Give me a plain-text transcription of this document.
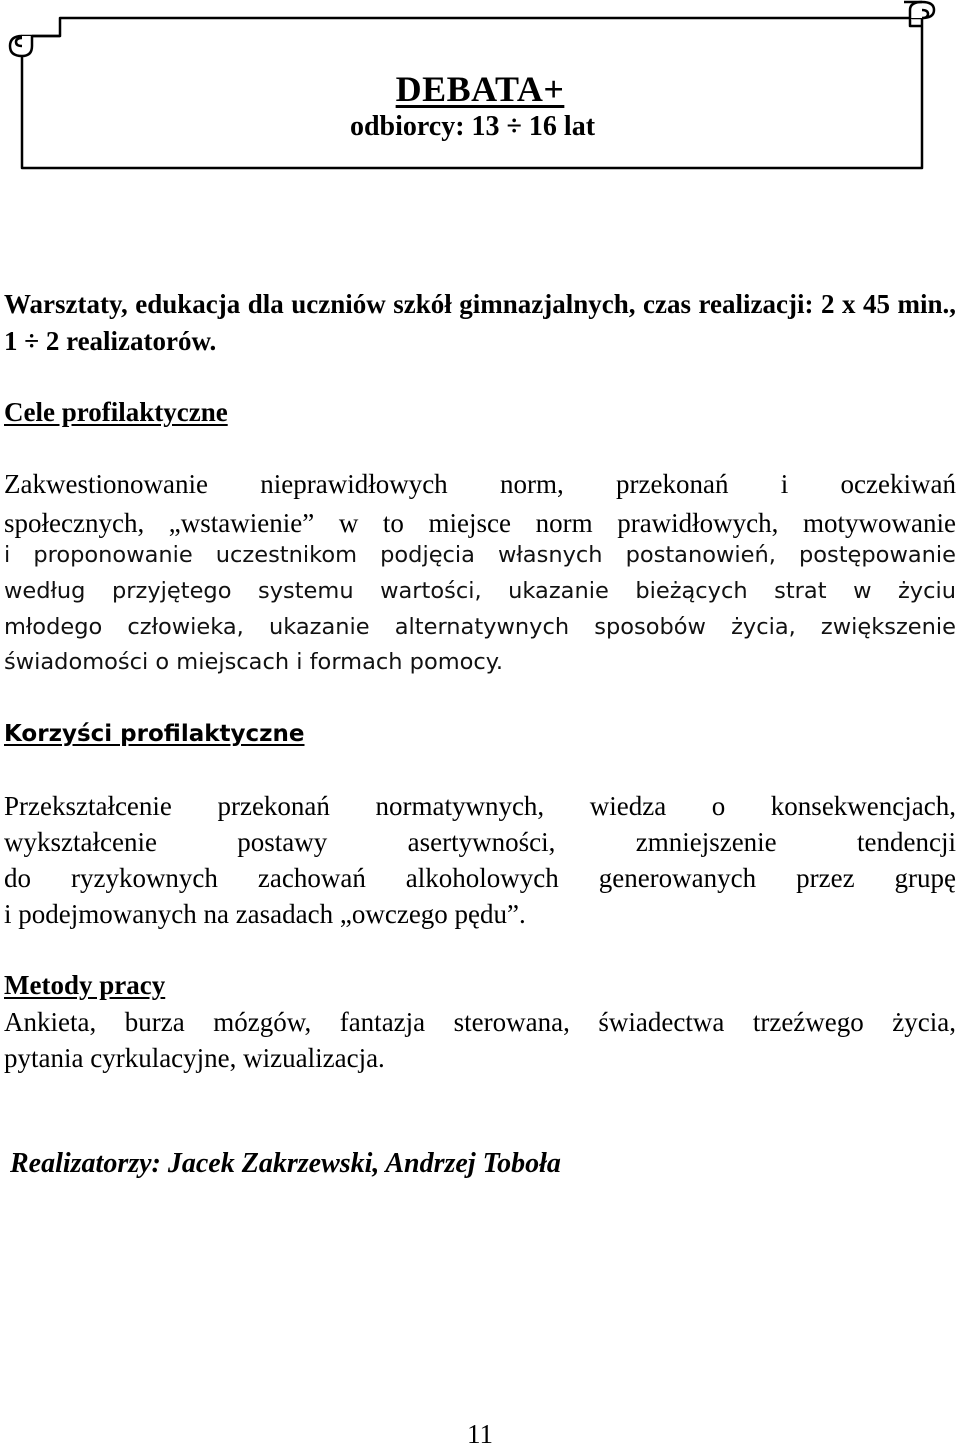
DEBATA+
odbiorcy: 13 ÷ 16 lat

Warsztaty, edukacja dla uczniów szkół gimnazjalnych, czas realizacji: 2 x 45 min., 1 ÷ 2 realizatorów.

Cele profilaktyczne
Zakwestionowanie nieprawidłowych norm, przekonań i oczekiwań
społecznych, „wstawienie” w to miejsce norm prawidłowych, motywowanie
i proponowanie uczestnikom podjęcia własnych postanowień, postępowanie
według przyjętego systemu wartości, ukazanie bieżących strat w życiu
młodego człowieka, ukazanie alternatywnych sposobów życia, zwiększenie
świadomości o miejscach i formach pomocy.
Korzyści profilaktyczne
Przekształcenie przekonań normatywnych, wiedza o konsekwencjach,
wykształcenie postawy asertywności, zmniejszenie tendencji
do ryzykownych zachowań alkoholowych generowanych przez grupę
i podejmowanych na zasadach „owczego pędu”.
Metody pracy
Ankieta, burza mózgów, fantazja sterowana, świadectwa trzeźwego życia,
pytania cyrkulacyjne, wizualizacja.

Realizatorzy: Jacek Zakrzewski, Andrzej Toboła

11
